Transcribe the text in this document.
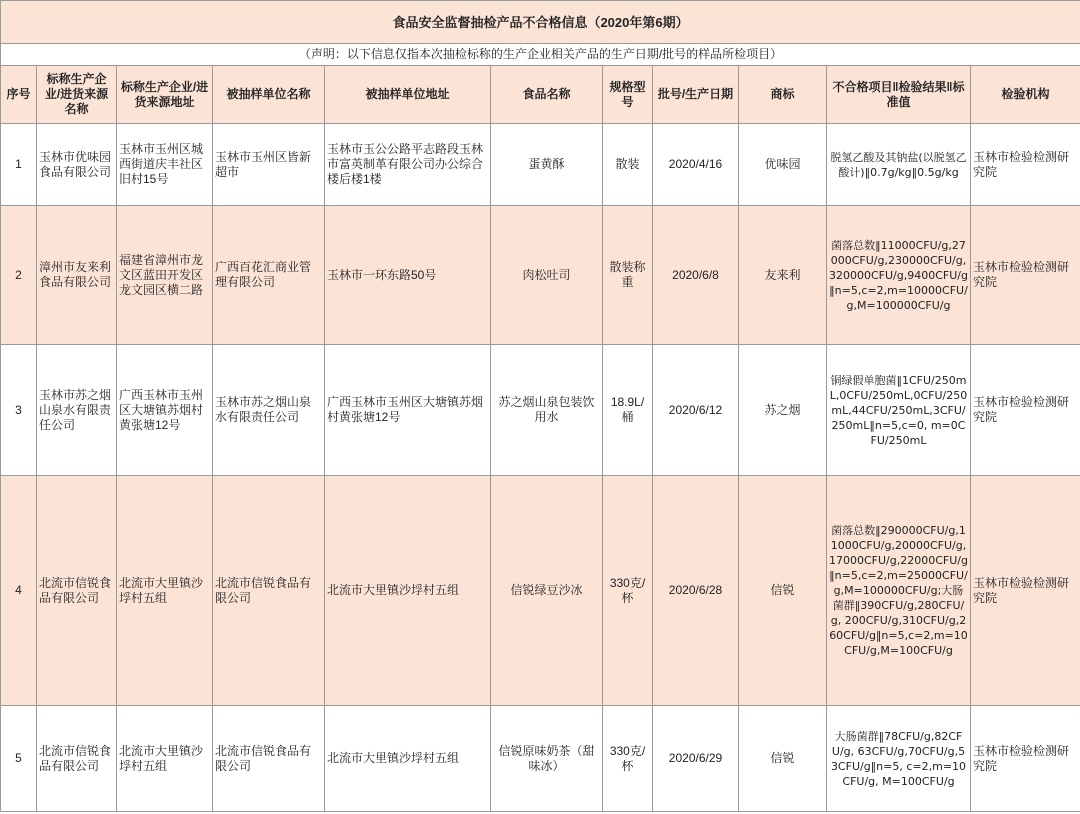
食品安全监督抽检产品不合格信息（2020年第6期）										
（声明：以下信息仅指本次抽检标称的生产企业相关产品的生产日期/批号的样品所检项目）										
序号	标称生产企业/进货来源名称	标称生产企业/进货来源地址	被抽样单位名称	被抽样单位地址	食品名称	规格型号	批号/生产日期	商标	不合格项目‖检验结果‖标准值	检验机构
1	玉林市优味园食品有限公司	玉林市玉州区城西街道庆丰社区旧村15号	玉林市玉州区皆新超市	玉林市玉公公路平志路段玉林市富英制革有限公司办公综合楼后楼1楼	蛋黄酥	散装	2020/4/16	优味园	脱氢乙酸及其钠盐(以脱氢乙酸计)‖0.7g/kg‖0.5g/kg	玉林市检验检测研究院
2	漳州市友来利食品有限公司	福建省漳州市龙文区蓝田开发区龙文园区横二路	广西百花汇商业管理有限公司	玉林市一环东路50号	肉松吐司	散装称重	2020/6/8	友来利	菌落总数‖11000CFU/g,27000CFU/g,230000CFU/g,320000CFU/g,9400CFU/g‖n=5,c=2,m=10000CFU/g,M=100000CFU/g	玉林市检验检测研究院
3	玉林市苏之烟山泉水有限责任公司	广西玉林市玉州区大塘镇苏烟村黄张塘12号	玉林市苏之烟山泉水有限责任公司	广西玉林市玉州区大塘镇苏烟村黄张塘12号	苏之烟山泉包装饮用水	18.9L/桶	2020/6/12	苏之烟	铜绿假单胞菌‖1CFU/250mL,0CFU/250mL,0CFU/250mL,44CFU/250mL,3CFU/250mL‖n=5,c=0, m=0CFU/250mL	玉林市检验检测研究院
4	北流市信锐食品有限公司	北流市大里镇沙垺村五组	北流市信锐食品有限公司	北流市大里镇沙垺村五组	信锐绿豆沙冰	330克/杯	2020/6/28	信锐	菌落总数‖290000CFU/g,11000CFU/g,20000CFU/g,17000CFU/g,22000CFU/g‖n=5,c=2,m=25000CFU/g,M=100000CFU/g;大肠菌群‖390CFU/g,280CFU/g, 200CFU/g,310CFU/g,260CFU/g‖n=5,c=2,m=10CFU/g,M=100CFU/g	玉林市检验检测研究院
5	北流市信锐食品有限公司	北流市大里镇沙垺村五组	北流市信锐食品有限公司	北流市大里镇沙垺村五组	信锐原味奶茶（甜味冰）	330克/杯	2020/6/29	信锐	大肠菌群‖78CFU/g,82CFU/g, 63CFU/g,70CFU/g,53CFU/g‖n=5, c=2,m=10CFU/g, M=100CFU/g	玉林市检验检测研究院
